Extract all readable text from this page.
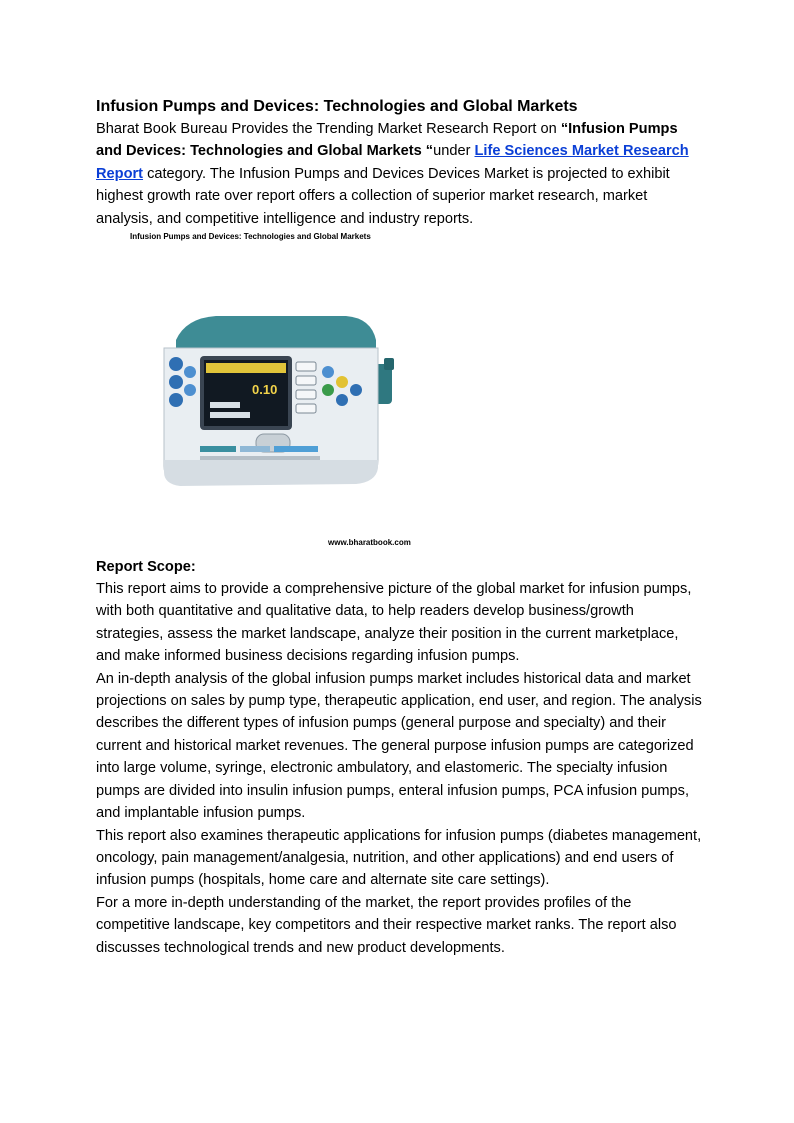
Infusion Pumps and Devices: Technologies and Global Markets

Bharat Book Bureau Provides the Trending Market Research Report on “Infusion Pumps and Devices: Technologies and Global Markets “under Life Sciences Market Research Report category. The Infusion Pumps and Devices Devices Market is projected to exhibit highest growth rate over report offers a collection of superior market research, market analysis, and competitive intelligence and industry reports.

Infusion Pumps and Devices: Technologies and Global Markets
0.10
www.bharatbook.com
Report Scope:

This report aims to provide a comprehensive picture of the global market for infusion pumps, with both quantitative and qualitative data, to help readers develop business/growth strategies, assess the market landscape, analyze their position in the current marketplace, and make informed business decisions regarding infusion pumps.

An in-depth analysis of the global infusion pumps market includes historical data and market projections on sales by pump type, therapeutic application, end user, and region. The analysis describes the different types of infusion pumps (general purpose and specialty) and their current and historical market revenues. The general purpose infusion pumps are categorized into large volume, syringe, electronic ambulatory, and elastomeric. The specialty infusion pumps are divided into insulin infusion pumps, enteral infusion pumps, PCA infusion pumps, and implantable infusion pumps.

This report also examines therapeutic applications for infusion pumps (diabetes management, oncology, pain management/analgesia, nutrition, and other applications) and end users of infusion pumps (hospitals, home care and alternate site care settings).

For a more in-depth understanding of the market, the report provides profiles of the competitive landscape, key competitors and their respective market ranks. The report also discusses technological trends and new product developments.
